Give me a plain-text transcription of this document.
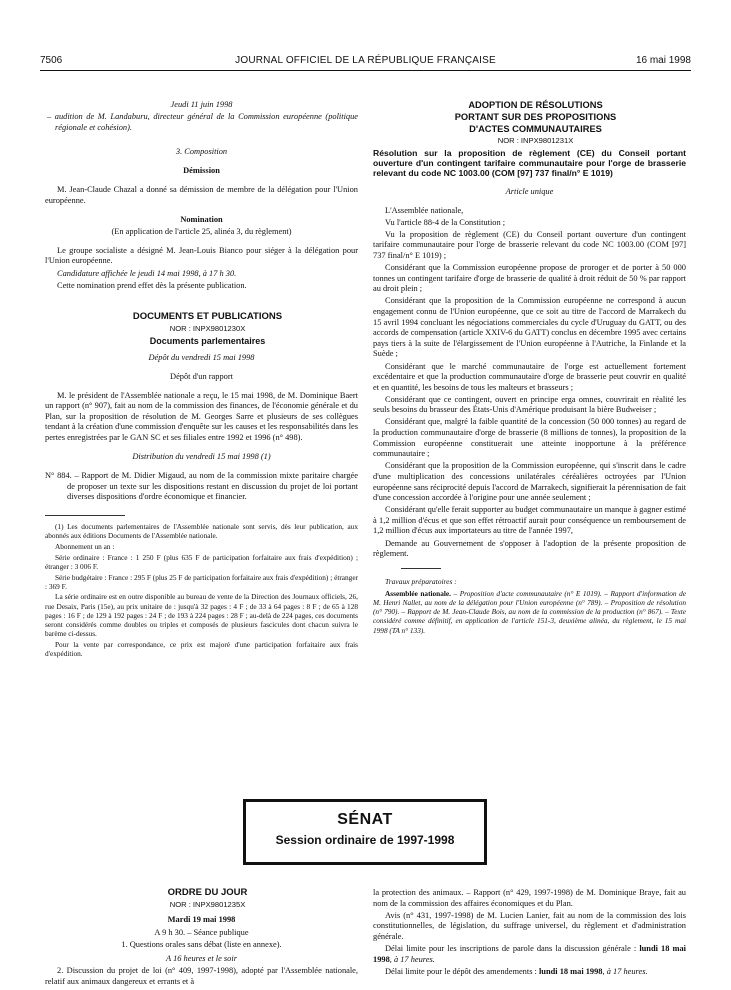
7506	JOURNAL OFFICIEL DE LA RÉPUBLIQUE FRANÇAISE	16 mai 1998

Jeudi 11 juin 1998

– audition de M. Landaburu, directeur général de la Commission européenne (politique régionale et cohésion).

3. Composition

Démission

M. Jean-Claude Chazal a donné sa démission de membre de la délégation pour l'Union européenne.

Nomination

(En application de l'article 25, alinéa 3, du règlement)

Le groupe socialiste a désigné M. Jean-Louis Bianco pour siéger à la délégation pour l'Union européenne.

Candidature affichée le jeudi 14 mai 1998, à 17 h 30.

Cette nomination prend effet dès la présente publication.

DOCUMENTS ET PUBLICATIONS

NOR : INPX9801230X

Documents parlementaires

Dépôt du vendredi 15 mai 1998

Dépôt d'un rapport

M. le président de l'Assemblée nationale a reçu, le 15 mai 1998, de M. Dominique Baert un rapport (n° 907), fait au nom de la commission des finances, de l'économie générale et du Plan, sur la proposition de résolution de M. Georges Sarre et plusieurs de ses collègues tendant à la création d'une commission d'enquête sur les causes et les responsabilités dans les pertes enregistrées par le GAN SC et ses filiales entre 1992 et 1996 (n° 498).

Distribution du vendredi 15 mai 1998 (1)

N° 884. – Rapport de M. Didier Migaud, au nom de la commission mixte paritaire chargée de proposer un texte sur les dispositions restant en discussion du projet de loi portant diverses dispositions d'ordre économique et financier.

(1) Les documents parlementaires de l'Assemblée nationale sont servis, dès leur publication, aux abonnés aux éditions Documents de l'Assemblée nationale.

Abonnement un an :

Série ordinaire : France : 1 250 F (plus 635 F de participation forfaitaire aux frais d'expédition) ; étranger : 3 006 F.

Série budgétaire : France : 295 F (plus 25 F de participation forfaitaire aux frais d'expédition) ; étranger : 369 F.

La série ordinaire est en outre disponible au bureau de vente de la Direction des Journaux officiels, 26, rue Desaix, Paris (15e), au prix unitaire de : jusqu'à 32 pages : 4 F ; de 33 à 64 pages : 8 F ; de 65 à 128 pages : 16 F ; de 129 à 192 pages : 24 F ; de 193 à 224 pages : 28 F ; au-delà de 224 pages, ces documents seront considérés comme doubles ou triples et composés de plusieurs fascicules dont chacun suivra le barème ci-dessus.

Pour la vente par correspondance, ce prix est majoré d'une participation forfaitaire aux frais d'expédition.

ADOPTION DE RÉSOLUTIONS

PORTANT SUR DES PROPOSITIONS

D'ACTES COMMUNAUTAIRES

NOR : INPX9801231X

Résolution sur la proposition de règlement (CE) du Conseil portant ouverture d'un contingent tarifaire communautaire pour l'orge de brasserie relevant du code NC 1003.00 (COM [97] 737 final/n° E 1019)

Article unique

L'Assemblée nationale,

Vu l'article 88-4 de la Constitution ;

Vu la proposition de règlement (CE) du Conseil portant ouverture d'un contingent tarifaire communautaire pour l'orge de brasserie relevant du code NC 1003.00 (COM [97] 737 final/n° E 1019) ;

Considérant que la Commission européenne propose de proroger et de porter à 50 000 tonnes un contingent tarifaire d'orge de brasserie de qualité à droit réduit de 50 % par rapport au droit plein ;

Considérant que la proposition de la Commission européenne ne correspond à aucun engagement connu de l'Union européenne, que ce soit au titre de l'accord de Marrakech du 15 avril 1994 concluant les négociations commerciales du cycle d'Uruguay du GATT, ou des accords de compensation (article XXIV-6 du GATT) conclus en décembre 1995 avec certains pays tiers à la suite de l'élargissement de l'Union européenne à l'Autriche, la Finlande et la Suède ;

Considérant que le marché communautaire de l'orge est actuellement fortement excédentaire et que la production communautaire d'orge de brasserie peut couvrir en qualité et en quantité, les besoins de tous les malteurs et brasseurs ;

Considérant que ce contingent, ouvert en principe erga omnes, couvrirait en réalité les seuls besoins du brasseur des États-Unis d'Amérique produisant la bière Budweiser ;

Considérant que, malgré la faible quantité de la concession (50 000 tonnes) au regard de la production communautaire d'orge de brasserie (8 millions de tonnes), la proposition de la Commission européenne constituerait une atteinte inopportune à la préférence communautaire ;

Considérant que la proposition de la Commission européenne, qui s'inscrit dans le cadre d'une multiplication des concessions unilatérales céréalières octroyées par l'Union européenne sans réciprocité depuis l'accord de Marrakech, signifierait la pérennisation de fait d'une concession accordée à l'origine pour une année seulement ;

Considérant qu'elle ferait supporter au budget communautaire un manque à gagner estimé à 1,2 million d'écus et que son effet rétroactif aurait pour conséquence un remboursement de 1,2 million d'écus aux importateurs au titre de l'année 1997,

Demande au Gouvernement de s'opposer à l'adoption de la présente proposition de règlement.

Travaux préparatoires :

Assemblée nationale. – Proposition d'acte communautaire (n° E 1019). – Rapport d'information de M. Henri Nallet, au nom de la délégation pour l'Union européenne (n° 789). – Proposition de résolution (n° 790). – Rapport de M. Jean-Claude Bois, au nom de la commission de la production (n° 867). – Texte considéré comme définitif, en application de l'article 151-3, deuxième alinéa, du règlement, le 15 mai 1998 (TA n° 133).

SÉNAT
Session ordinaire de 1997-1998

ORDRE DU JOUR

NOR : INPX9801235X

Mardi 19 mai 1998

A 9 h 30. – Séance publique

1. Questions orales sans débat (liste en annexe).

A 16 heures et le soir

2. Discussion du projet de loi (n° 409, 1997-1998), adopté par l'Assemblée nationale, relatif aux animaux dangereux et errants et à

la protection des animaux. – Rapport (n° 429, 1997-1998) de M. Dominique Braye, fait au nom de la commission des affaires économiques et du Plan.

Avis (n° 431, 1997-1998) de M. Lucien Lanier, fait au nom de la commission des lois constitutionnelles, de législation, du suffrage universel, du règlement et d'administration générale.

Délai limite pour les inscriptions de parole dans la discussion générale : lundi 18 mai 1998, à 17 heures.

Délai limite pour le dépôt des amendements : lundi 18 mai 1998, à 17 heures.
